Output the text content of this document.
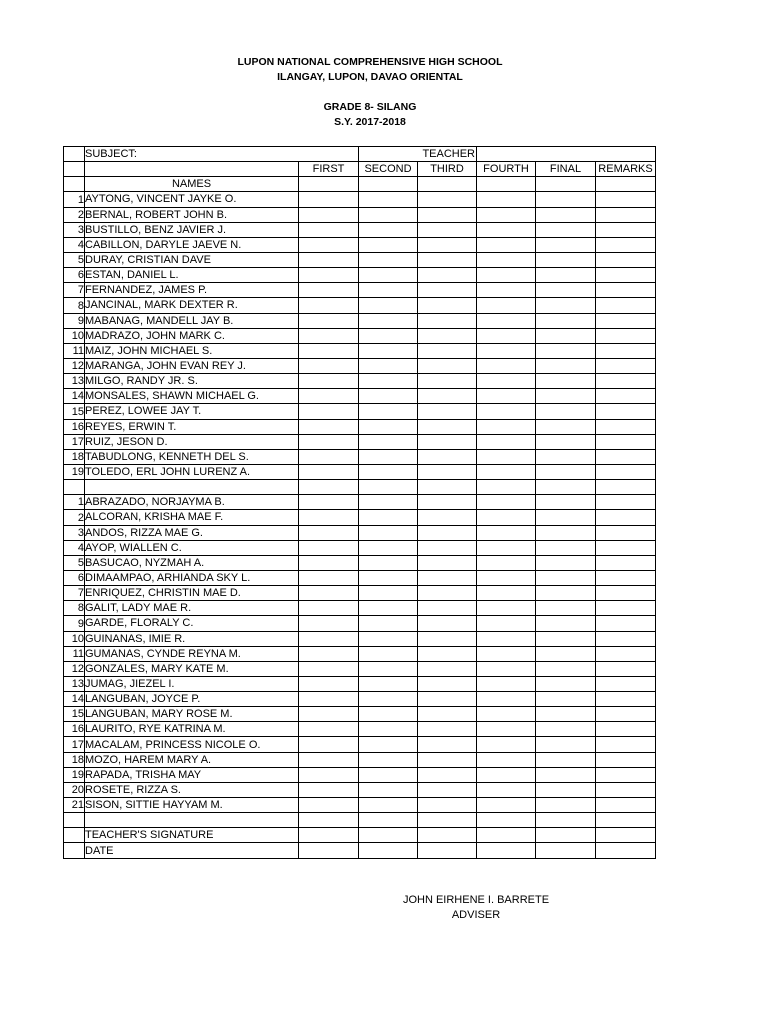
LUPON NATIONAL COMPREHENSIVE HIGH SCHOOL
ILANGAY, LUPON, DAVAO ORIENTAL
GRADE 8- SILANG
S.Y. 2017-2018
	SUBJECT:		TEACHER				
		FIRST	SECOND	THIRD	FOURTH	FINAL	REMARKS
	NAMES						
1	AYTONG, VINCENT JAYKE O.						
2	BERNAL, ROBERT JOHN B.						
3	BUSTILLO, BENZ JAVIER J.						
4	CABILLON, DARYLE JAEVE N.						
5	DURAY, CRISTIAN DAVE						
6	ESTAN, DANIEL L.						
7	FERNANDEZ, JAMES P.						
8	JANCINAL, MARK DEXTER R.						
9	MABANAG, MANDELL JAY B.						
10	MADRAZO, JOHN MARK C.						
11	MAIZ, JOHN MICHAEL S.						
12	MARANGA, JOHN EVAN REY J.						
13	MILGO, RANDY JR. S.						
14	MONSALES, SHAWN MICHAEL G.						
15	PEREZ, LOWEE JAY T.						
16	REYES, ERWIN T.						
17	RUIZ, JESON D.						
18	TABUDLONG, KENNETH DEL S.						
19	TOLEDO, ERL JOHN LURENZ A.						

1	ABRAZADO, NORJAYMA B.						
2	ALCORAN, KRISHA MAE F.						
3	ANDOS, RIZZA MAE G.						
4	AYOP, WIALLEN C.						
5	BASUCAO, NYZMAH A.						
6	DIMAAMPAO, ARHIANDA SKY L.						
7	ENRIQUEZ, CHRISTIN MAE D.						
8	GALIT, LADY MAE R.						
9	GARDE, FLORALY C.						
10	GUINANAS, IMIE R.						
11	GUMANAS, CYNDE REYNA M.						
12	GONZALES, MARY KATE M.						
13	JUMAG, JIEZEL I.						
14	LANGUBAN, JOYCE P.						
15	LANGUBAN, MARY ROSE M.						
16	LAURITO, RYE KATRINA M.						
17	MACALAM, PRINCESS NICOLE O.						
18	MOZO, HAREM MARY A.						
19	RAPADA, TRISHA MAY						
20	ROSETE, RIZZA S.						
21	SISON, SITTIE HAYYAM M.						

	TEACHER'S SIGNATURE						
	DATE						
JOHN EIRHENE I. BARRETE
ADVISER
